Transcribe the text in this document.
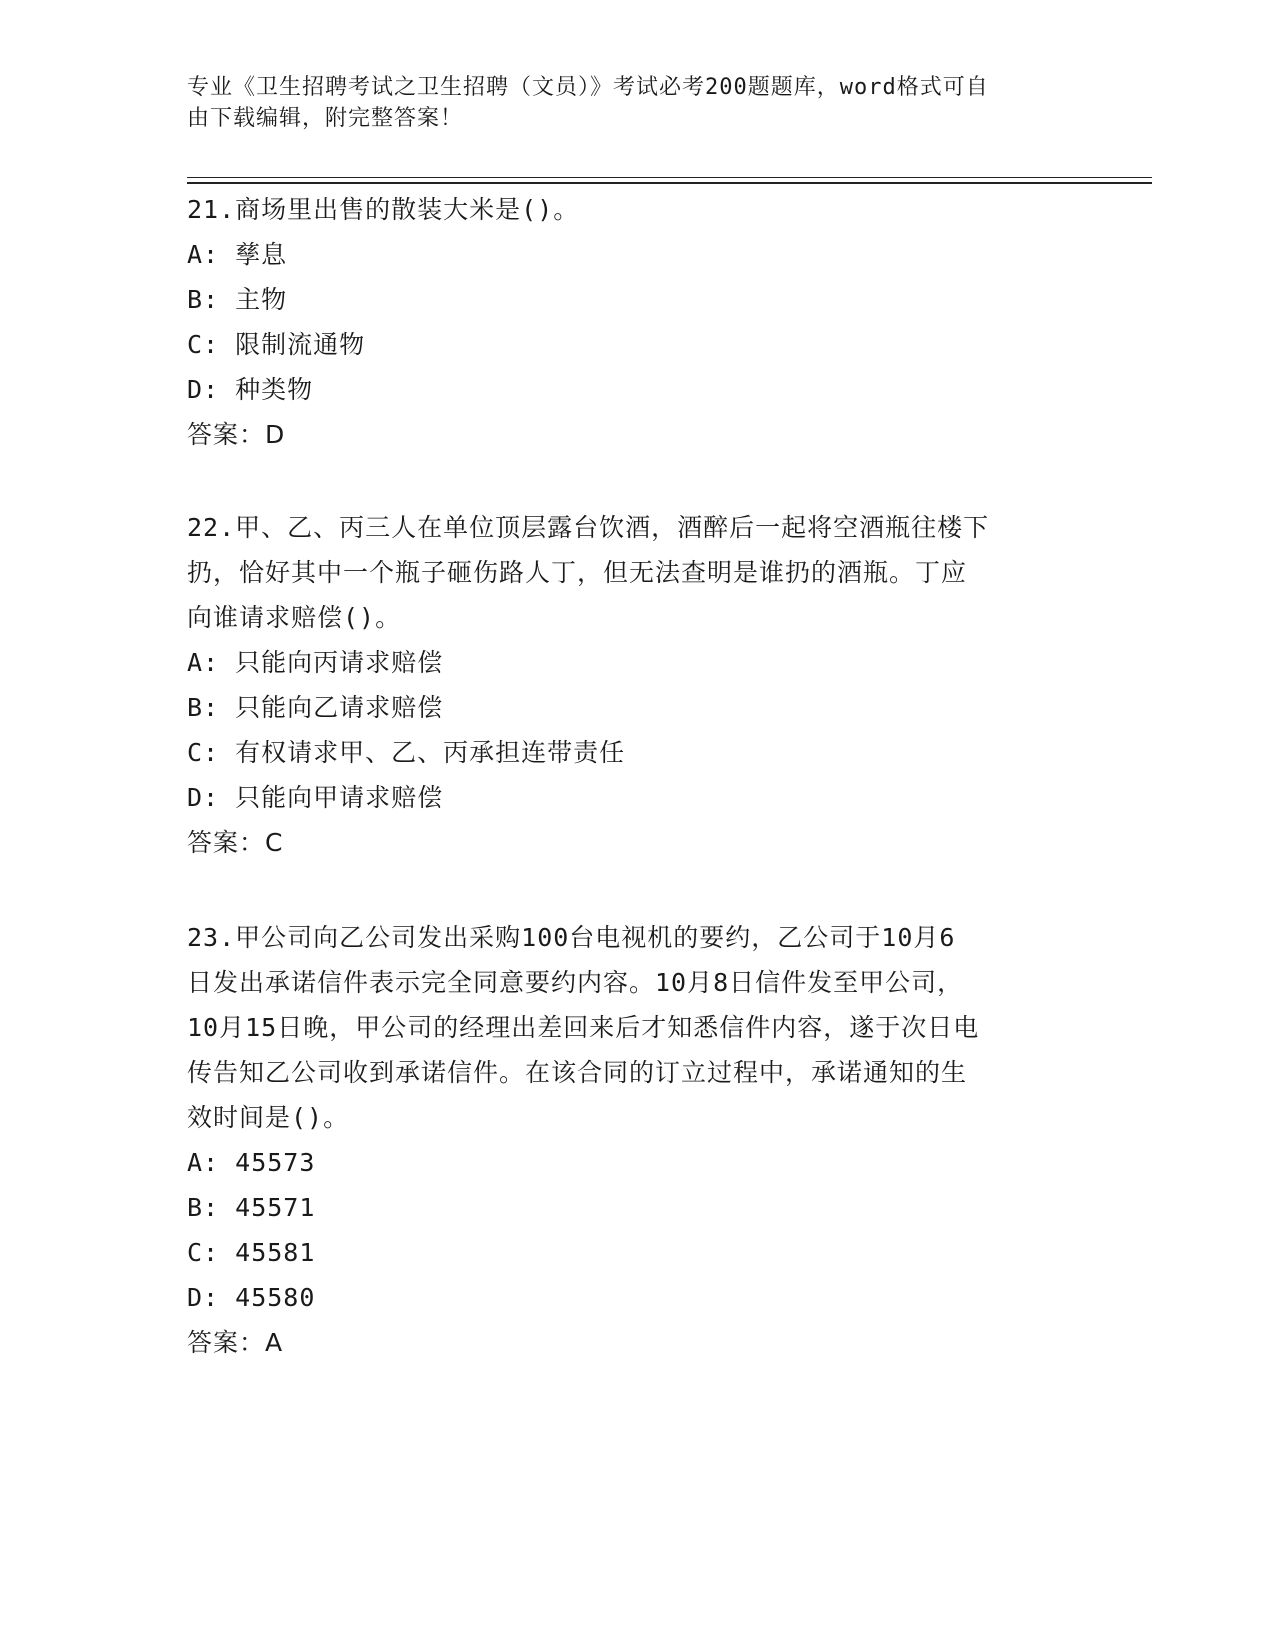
专业《卫生招聘考试之卫生招聘（文员）》考试必考200题题库，word格式可自
由下载编辑，附完整答案！

21.商场里出售的散装大米是()。

A: 孳息

B: 主物

C: 限制流通物

D: 种类物

答案：D

22.甲、乙、丙三人在单位顶层露台饮酒，酒醉后一起将空酒瓶往楼下

扔，恰好其中一个瓶子砸伤路人丁，但无法查明是谁扔的酒瓶。丁应

向谁请求赔偿()。

A: 只能向丙请求赔偿

B: 只能向乙请求赔偿

C: 有权请求甲、乙、丙承担连带责任

D: 只能向甲请求赔偿

答案：C

23.甲公司向乙公司发出采购100台电视机的要约，乙公司于10月6

日发出承诺信件表示完全同意要约内容。10月8日信件发至甲公司，

10月15日晚，甲公司的经理出差回来后才知悉信件内容，遂于次日电

传告知乙公司收到承诺信件。在该合同的订立过程中，承诺通知的生

效时间是()。

A: 45573

B: 45571

C: 45581

D: 45580

答案：A
